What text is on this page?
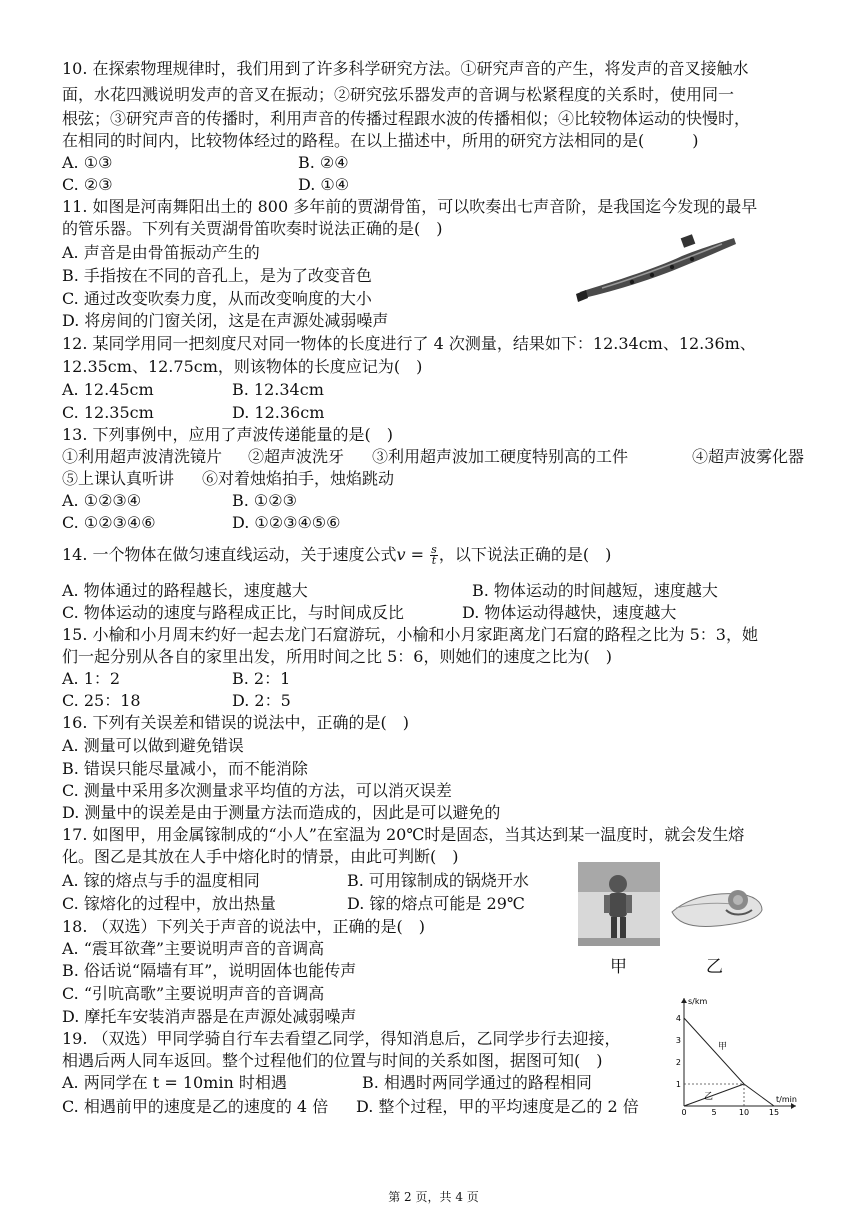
10. 在探索物理规律时，我们用到了许多科学研究方法。①研究声音的产生，将发声的音叉接触水
面，水花四溅说明发声的音叉在振动；②研究弦乐器发声的音调与松紧程度的关系时，使用同一
根弦；③研究声音的传播时，利用声音的传播过程跟水波的传播相似；④比较物体运动的快慢时，
在相同的时间内，比较物体经过的路程。在以上描述中，所用的研究方法相同的是(　　　)
A. ①③	B. ②④
C. ②③	D. ①④
11. 如图是河南舞阳出土的 800 多年前的贾湖骨笛，可以吹奏出七声音阶，是我国迄今发现的最早
的管乐器。下列有关贾湖骨笛吹奏时说法正确的是(　)
A. 声音是由骨笛振动产生的
B. 手指按在不同的音孔上，是为了改变音色
C. 通过改变吹奏力度，从而改变响度的大小
D. 将房间的门窗关闭，这是在声源处减弱噪声
12. 某同学用同一把刻度尺对同一物体的长度进行了 4 次测量，结果如下：12.34cm、12.36m、
12.35cm、12.75cm，则该物体的长度应记为(　)
A. 12.45cm	B. 12.34cm
C. 12.35cm	D. 12.36cm
13. 下列事例中，应用了声波传递能量的是(　)
①利用超声波清洗镜片 ②超声波洗牙 ③利用超声波加工硬度特别高的工件	④超声波雾化器
⑤上课认真听讲 ⑥对着烛焰拍手，烛焰跳动
A. ①②③④	B. ①②③
C. ①②③④⑥	D. ①②③④⑤⑥
14. 一个物体在做匀速直线运动，关于速度公式$v = \frac{s}{t}$ ，以下说法正确的是(　)
A. 物体通过的路程越长，速度越大	B. 物体运动的时间越短，速度越大
C. 物体运动的速度与路程成正比，与时间成反比	D. 物体运动得越快，速度越大
15. 小榆和小月周末约好一起去龙门石窟游玩，小榆和小月家距离龙门石窟的路程之比为 5：3，她
们一起分别从各自的家里出发，所用时间之比 5：6，则她们的速度之比为(　)
A. 1：2	B. 2：1
C. 25：18	D. 2：5
16. 下列有关误差和错误的说法中，正确的是(　)
A. 测量可以做到避免错误
B. 错误只能尽量减小，而不能消除
C. 测量中采用多次测量求平均值的方法，可以消灭误差
D. 测量中的误差是由于测量方法而造成的，因此是可以避免的
17. 如图甲，用金属镓制成的“小人”在室温为 20℃时是固态，当其达到某一温度时，就会发生熔
化。图乙是其放在人手中熔化时的情景，由此可判断(　)
A. 镓的熔点与手的温度相同	B. 可用镓制成的锅烧开水
C. 镓熔化的过程中，放出热量	D. 镓的熔点可能是 29℃
甲	乙
18. （双选）下列关于声音的说法中，正确的是(　)
A. “震耳欲聋”主要说明声音的音调高
B. 俗话说“隔墙有耳”，说明固体也能传声
C. “引吭高歌”主要说明声音的音调高
D. 摩托车安装消声器是在声源处减弱噪声
19. （双选）甲同学骑自行车去看望乙同学，得知消息后，乙同学步行去迎接，
相遇后两人同车返回。整个过程他们的位置与时间的关系如图，据图可知(　)
A. 两同学在 t = 10min 时相遇	B. 相遇时两同学通过的路程相同
C. 相遇前甲的速度是乙的速度的 4 倍 D. 整个过程，甲的平均速度是乙的 2 倍
s/km
t/min
0	5	10 15
1
2
3
4
甲
乙
第 2 页，共 4 页
